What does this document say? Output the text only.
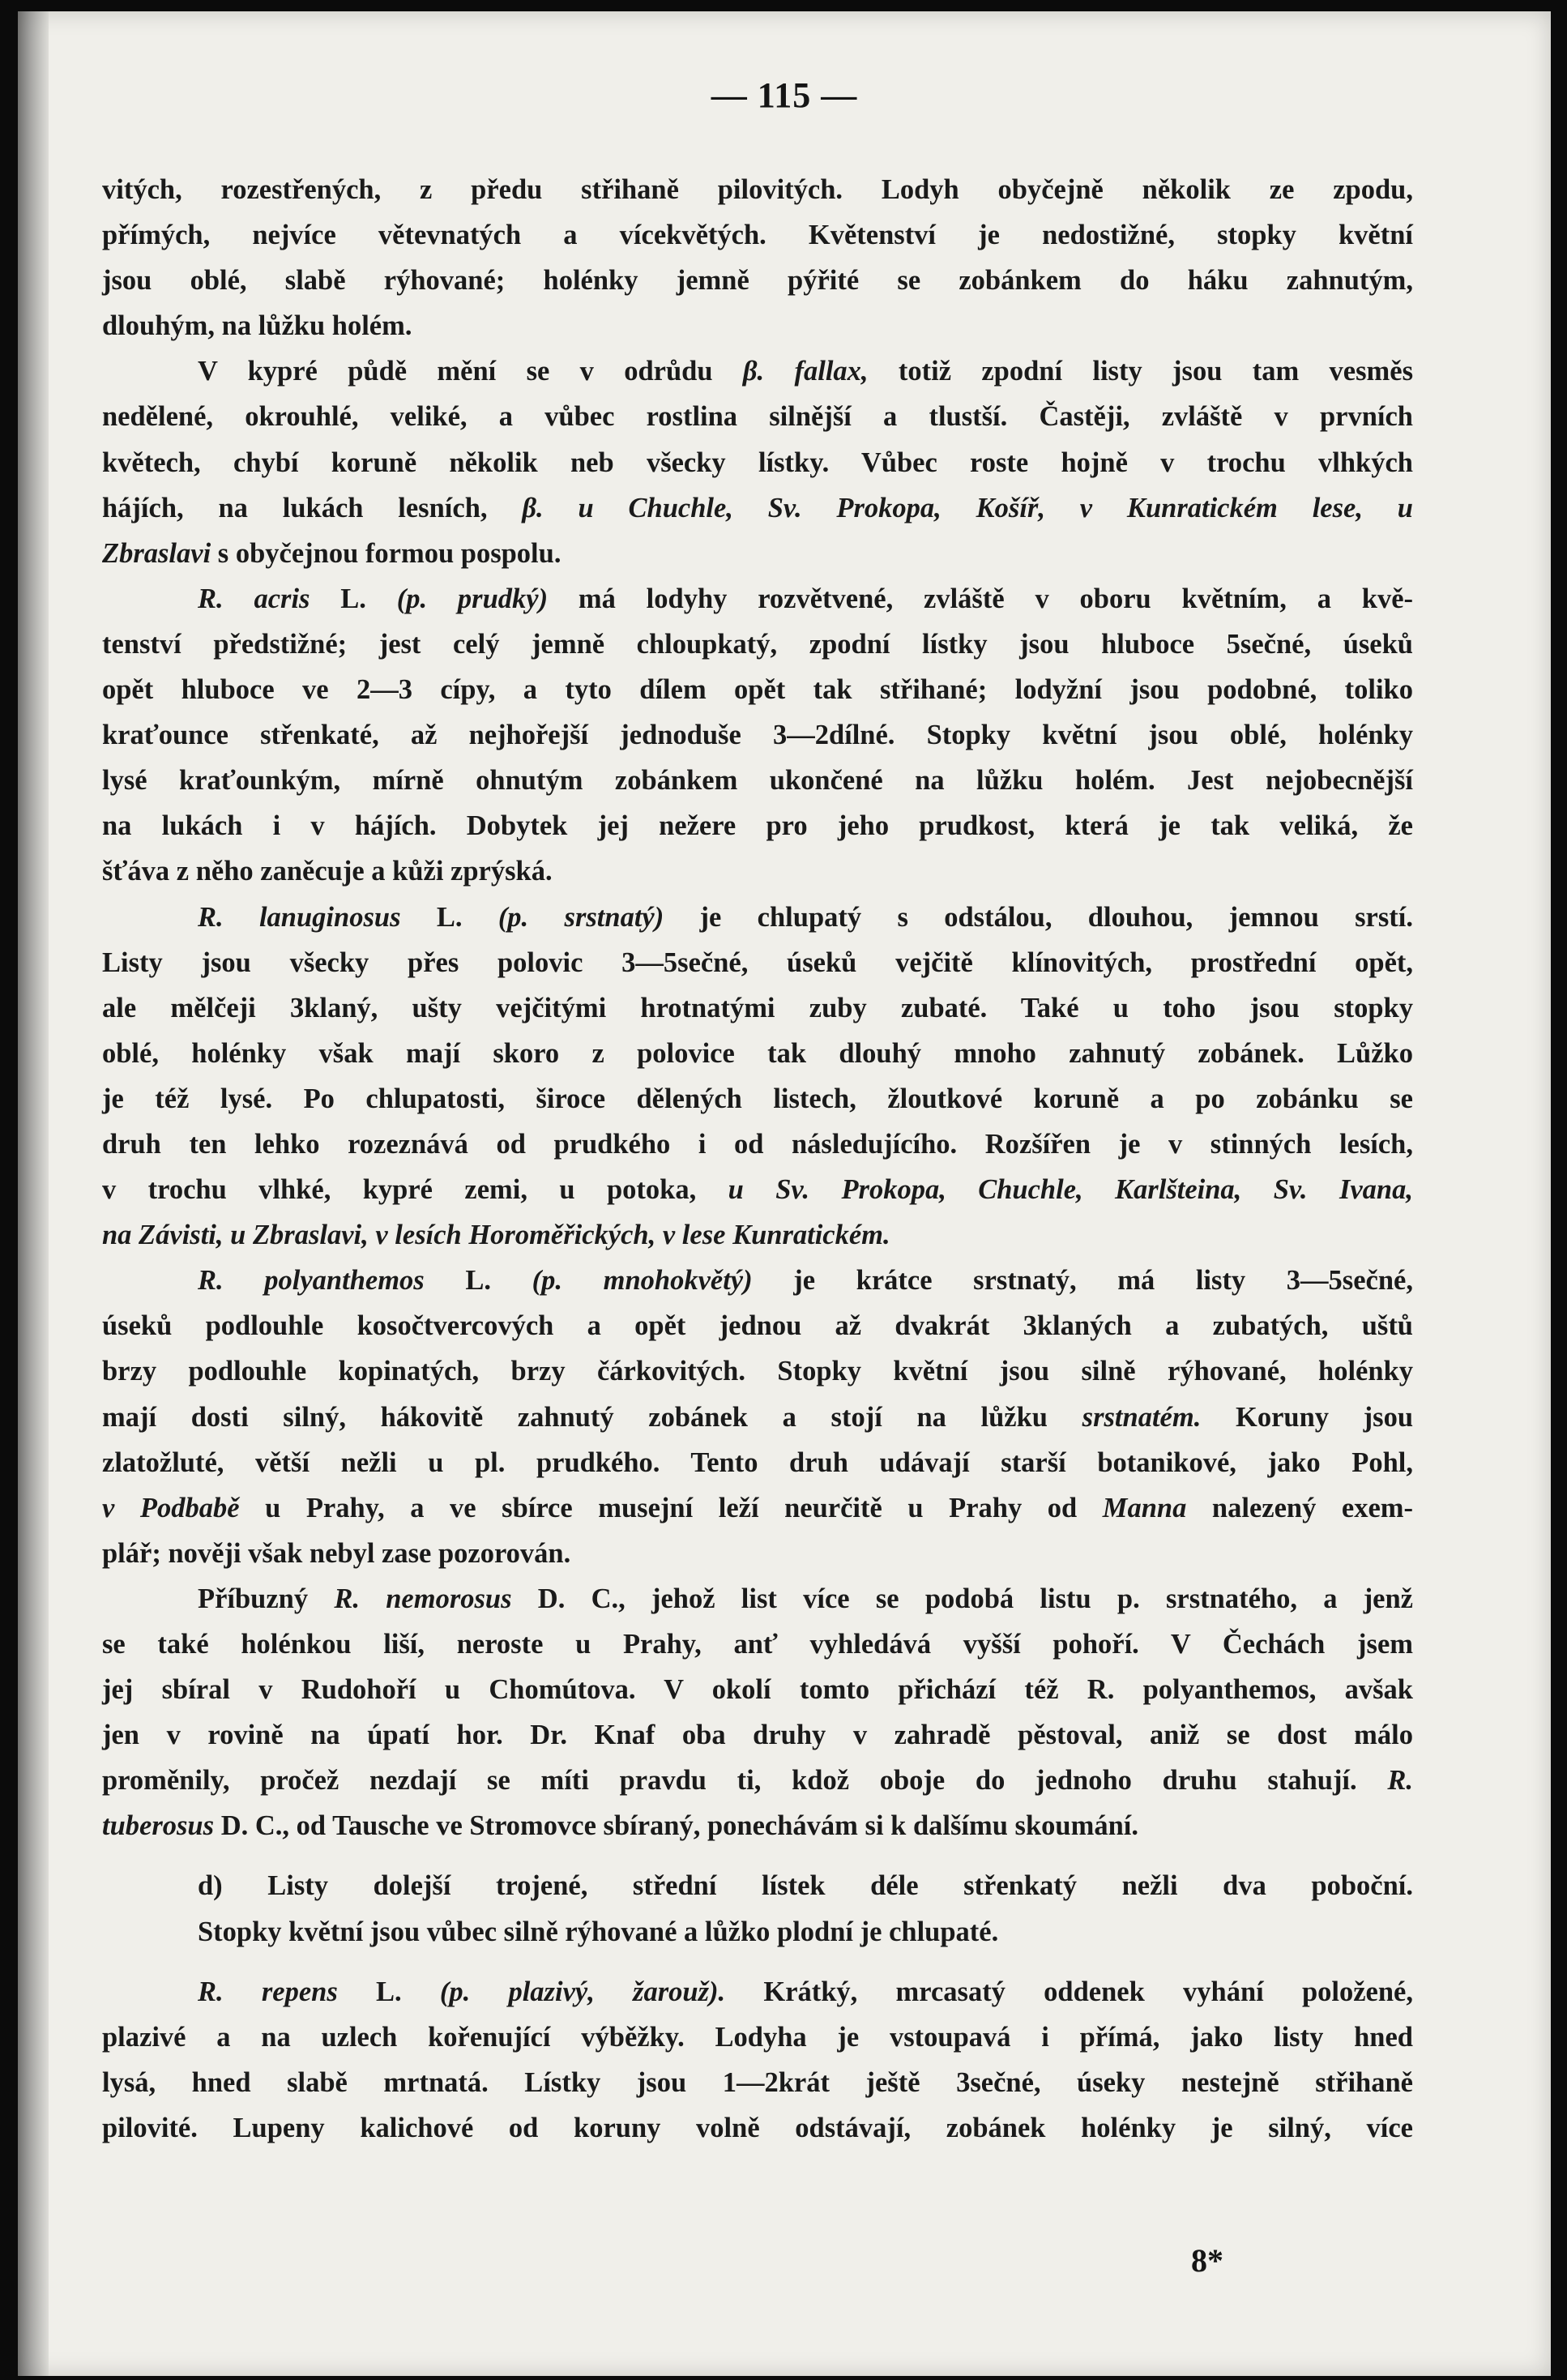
— 115 —
vitých, rozestřených, z předu střihaně pilovitých. Lodyh obyčejně několik ze zpodu,
přímých, nejvíce větevnatých a vícekvětých. Květenství je nedostižné, stopky květní
jsou oblé, slabě rýhované; holénky jemně pýřité se zobánkem do háku zahnutým,
dlouhým, na lůžku holém.
V kypré půdě mění se v odrůdu β. fallax, totiž zpodní listy jsou tam vesměs
nedělené, okrouhlé, veliké, a vůbec rostlina silnější a tlustší. Častěji, zvláště v prvních
květech, chybí koruně několik neb všecky lístky. Vůbec roste hojně v trochu vlhkých
hájích, na lukách lesních, β. u Chuchle, Sv. Prokopa, Košíř, v Kunratickém lese, u
Zbraslavi s obyčejnou formou pospolu.
R. acris L. (p. prudký) má lodyhy rozvětvené, zvláště v oboru květním, a kvě-
tenství předstižné; jest celý jemně chloupkatý, zpodní lístky jsou hluboce 5sečné, úseků
opět hluboce ve 2—3 cípy, a tyto dílem opět tak střihané; lodyžní jsou podobné, toliko
kraťounce střenkaté, až nejhořejší jednoduše 3—2dílné. Stopky květní jsou oblé, holénky
lysé kraťounkým, mírně ohnutým zobánkem ukončené na lůžku holém. Jest nejobecnější
na lukách i v hájích. Dobytek jej nežere pro jeho prudkost, která je tak veliká, že
šťáva z něho zaněcuje a kůži zprýská.
R. lanuginosus L. (p. srstnatý) je chlupatý s odstálou, dlouhou, jemnou srstí.
Listy jsou všecky přes polovic 3—5sečné, úseků vejčitě klínovitých, prostřední opět,
ale mělčeji 3klaný, ušty vejčitými hrotnatými zuby zubaté. Také u toho jsou stopky
oblé, holénky však mají skoro z polovice tak dlouhý mnoho zahnutý zobánek. Lůžko
je též lysé. Po chlupatosti, široce dělených listech, žloutkové koruně a po zobánku se
druh ten lehko rozeznává od prudkého i od následujícího. Rozšířen je v stinných lesích,
v trochu vlhké, kypré zemi, u potoka, u Sv. Prokopa, Chuchle, Karlšteina, Sv. Ivana,
na Závisti, u Zbraslavi, v lesích Horoměřických, v lese Kunratickém.
R. polyanthemos L. (p. mnohokvětý) je krátce srstnatý, má listy 3—5sečné,
úseků podlouhle kosočtvercových a opět jednou až dvakrát 3klaných a zubatých, uštů
brzy podlouhle kopinatých, brzy čárkovitých. Stopky květní jsou silně rýhované, holénky
mají dosti silný, hákovitě zahnutý zobánek a stojí na lůžku srstnatém. Koruny jsou
zlatožluté, větší nežli u pl. prudkého. Tento druh udávají starší botanikové, jako Pohl,
v Podbabě u Prahy, a ve sbírce musejní leží neurčitě u Prahy od Manna nalezený exem-
plář; nověji však nebyl zase pozorován.
Příbuzný R. nemorosus D. C., jehož list více se podobá listu p. srstnatého, a jenž
se také holénkou liší, neroste u Prahy, anť vyhledává vyšší pohoří. V Čechách jsem
jej sbíral v Rudohoří u Chomútova. V okolí tomto přichází též R. polyanthemos, avšak
jen v rovině na úpatí hor. Dr. Knaf oba druhy v zahradě pěstoval, aniž se dost málo
proměnily, pročež nezdají se míti pravdu ti, kdož oboje do jednoho druhu stahují. R.
tuberosus D. C., od Tausche ve Stromovce sbíraný, ponechávám si k dalšímu skoumání.
d) Listy dolejší trojené, střední lístek déle střenkatý nežli dva poboční.
Stopky květní jsou vůbec silně rýhované a lůžko plodní je chlupaté.
R. repens L. (p. plazivý, žarouž). Krátký, mrcasatý oddenek vyhání položené,
plazivé a na uzlech kořenující výběžky. Lodyha je vstoupavá i přímá, jako listy hned
lysá, hned slabě mrtnatá. Lístky jsou 1—2krát ještě 3sečné, úseky nestejně střihaně
pilovité. Lupeny kalichové od koruny volně odstávají, zobánek holénky je silný, více
8*
